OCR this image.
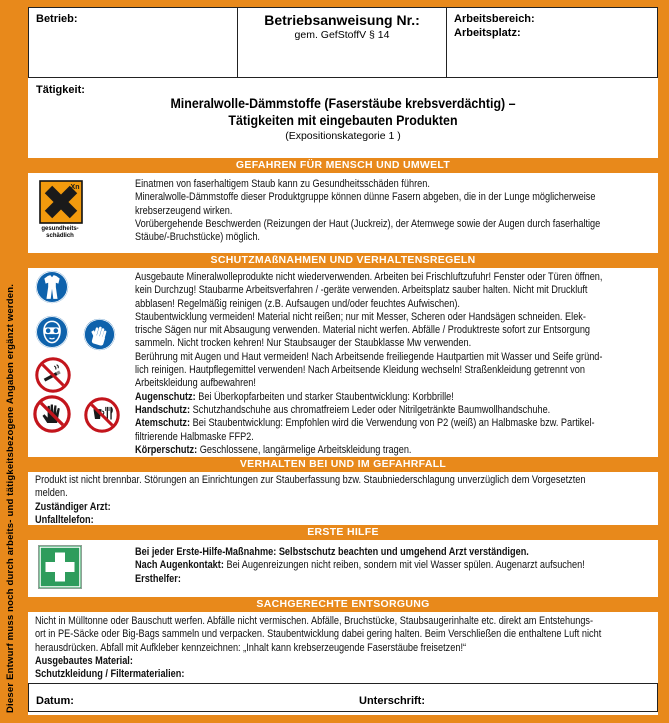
Dieser Entwurf muss noch durch arbeits- und tätigkeitsbezogene Angaben ergänzt werden.
Betrieb:	Betriebsanweisung Nr.:
gem. GefStoffV § 14
Arbeitsbereich:
Arbeitsplatz:
Tätigkeit:
Mineralwolle-Dämmstoffe (Faserstäube krebsverdächtig) –
Tätigkeiten mit eingebauten Produkten
(Expositionskategorie 1 )
GEFAHREN FÜR MENSCH UND UMWELT
Xn
gesundheits-
schädlich
Einatmen von faserhaltigem Staub kann zu Gesundheitsschäden führen.
Mineralwolle-Dämmstoffe dieser Produktgruppe können dünne Fasern abgeben, die in der Lunge möglicherweise
krebserzeugend wirken.
Vorübergehende Beschwerden (Reizungen der Haut (Juckreiz), der Atemwege sowie der Augen durch faserhaltige
Stäube/-Bruchstücke) möglich.
SCHUTZMAßNAHMEN UND VERHALTENSREGELN
Ausgebaute Mineralwolleprodukte nicht wiederverwenden. Arbeiten bei Frischluftzufuhr! Fenster oder Türen öffnen,
kein Durchzug! Staubarme Arbeitsverfahren / -geräte verwenden. Arbeitsplatz sauber halten. Nicht mit Druckluft
abblasen! Regelmäßig reinigen (z.B. Aufsaugen und/oder feuchtes Aufwischen).
Staubentwicklung vermeiden! Material nicht reißen; nur mit Messer, Scheren oder Handsägen schneiden. Elek-
trische Sägen nur mit Absaugung verwenden. Material nicht werfen. Abfälle / Produktreste sofort zur Entsorgung
sammeln. Nicht trocken kehren! Nur Staubsauger der Staubklasse Mw verwenden.
Berührung mit Augen und Haut vermeiden! Nach Arbeitsende freiliegende Hautpartien mit Wasser und Seife gründ-
lich reinigen. Hautpflegemittel verwenden! Nach Arbeitsende Kleidung wechseln! Straßenkleidung getrennt von
Arbeitskleidung aufbewahren!
Augenschutz: Bei Überkopfarbeiten und starker Staubentwicklung: Korbbrille!
Handschutz: Schutzhandschuhe aus chromatfreiem Leder oder Nitrilgetränkte Baumwollhandschuhe.
Atemschutz: Bei Staubentwicklung: Empfohlen wird die Verwendung von P2 (weiß) an Halbmaske bzw. Partikel-
filtrierende Halbmaske FFP2.
Körperschutz: Geschlossene, langärmelige Arbeitskleidung tragen.
VERHALTEN BEI UND IM GEFAHRFALL
Produkt ist nicht brennbar. Störungen an Einrichtungen zur Stauberfassung bzw. Staubniederschlagung unverzüglich dem Vorgesetzten
melden.
Zuständiger Arzt:
Unfalltelefon:
ERSTE HILFE
Bei jeder Erste-Hilfe-Maßnahme: Selbstschutz beachten und umgehend Arzt verständigen.
Nach Augenkontakt: Bei Augenreizungen nicht reiben, sondern mit viel Wasser spülen. Augenarzt aufsuchen!
Ersthelfer:
SACHGERECHTE ENTSORGUNG
Nicht in Mülltonne oder Bauschutt werfen. Abfälle nicht vermischen. Abfälle, Bruchstücke, Staubsaugerinhalte etc. direkt am Entstehungs-
ort in PE-Säcke oder Big-Bags sammeln und verpacken. Staubentwicklung dabei gering halten. Beim Verschließen die enthaltene Luft nicht
herausdrücken. Abfall mit Aufkleber kennzeichnen: „Inhalt kann krebserzeugende Faserstäube freisetzen!“
Ausgebautes Material:
Schutzkleidung / Filtermaterialien:
Datum:	Unterschrift:
